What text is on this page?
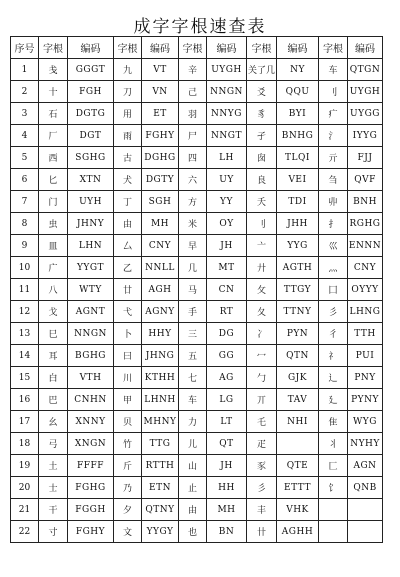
成字字根速查表
序号	字根	编码	字根	编码	字根	编码	字根	编码	字根	编码
1	戋	GGGT	九	VT	辛	UYGH	关了几	NY	车	QTGN
2	十	FGH	刀	VN	己	NNGN	爻	QQU	刂	UYGH
3	石	DGTG	用	ET	羽	NNYG	豸	BYI	疒	UYGG
4	厂	DGT	雨	FGHY	尸	NNGT	孑	BNHG	氵	IYYG
5	西	SGHG	古	DGHG	四	LH	囱	TLQI	亓	FJJ
6	匕	XTN	犬	DGTY	六	UY	良	VEI	刍	QVF
7	门	UYH	丁	SGH	方	YY	夭	TDI	丱	BNH
8	虫	JHNY	由	MH	米	OY	刂	JHH	扌	RGHG
9	皿	LHN	厶	CNY	早	JH	亠	YYG	巛	ENNN
10	广	YYGT	乙	NNLL	几	MT	廾	AGTH	灬	CNY
11	八	WTY	廿	AGH	马	CN	攵	TTGY	囗	OYYY
12	戈	AGNT	弋	AGNY	手	RT	夂	TTNY	彡	LHNG
13	巳	NNGN	卜	HHY	三	DG	冫	PYN	彳	TTH
14	耳	BGHG	曰	JHNG	五	GG	冖	QTN	礻	PUI
15	白	VTH	川	KTHH	七	AG	勹	GJK	辶	PNY
16	巴	CNHN	甲	LHNH	车	LG	丌	TAV	廴	PYNY
17	幺	XNNY	贝	MHNY	力	LT	乇	NHI	隹	WYG
18	弓	XNGN	竹	TTG	儿	QT	疋		丬	NYHY
19	土	FFFF	斤	RTTH	山	JH	豕	QTE	匚	AGN
20	士	FGHG	乃	ETN	止	HH	彡	ETTT	饣	QNB
21	干	FGGH	夕	QTNY	由	MH	丰	VHK		
22	寸	FGHY	文	YYGY	也	BN	卄	AGHH		
